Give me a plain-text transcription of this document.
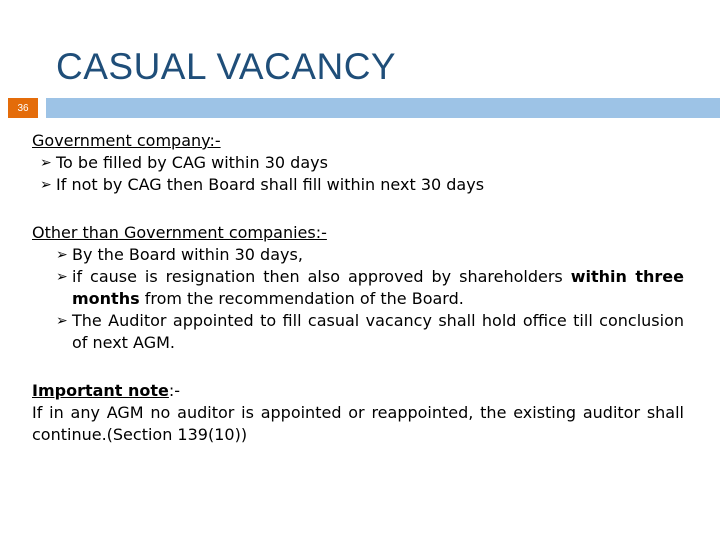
CASUAL VACANCY
36
Government company:-
➢ To be filled by CAG within 30 days
➢ If not by CAG then Board shall fill within next 30 days
Other than Government companies:-
➢ By the Board within 30 days,
➢ if cause is resignation then also approved by shareholders within three months from the recommendation of the Board.
➢ The Auditor appointed to fill casual vacancy shall hold office till conclusion of next AGM.
Important note:-
If in any AGM no auditor is appointed or reappointed, the existing auditor shall continue.(Section 139(10))
